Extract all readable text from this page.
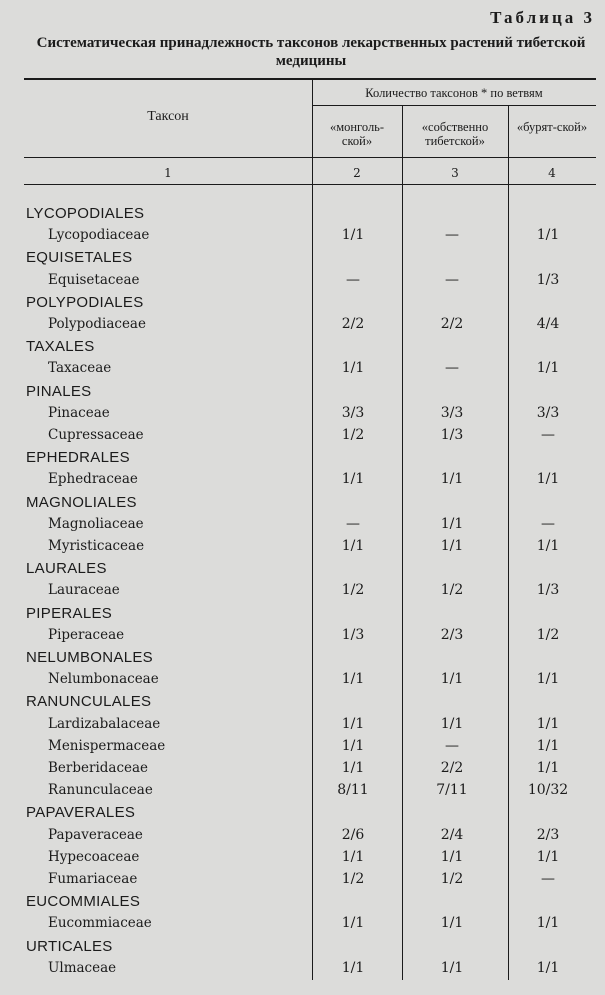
Таблица 3
Систематическая принадлежность таксонов лекарственных растений тибетской медицины
Таксон
Количество таксонов * по ветвям
«монголь-ской»
«собственно тибетской»
«бурят-ской»
1	2	3	4
LYCOPODIALES
Lycopodiaceae	1/1	—	1/1
EQUISETALES
Equisetaceae	—	—	1/3
POLYPODIALES
Polypodiaceae	2/2	2/2	4/4
TAXALES
Taxaceae	1/1	—	1/1
PINALES
Pinaceae	3/3	3/3	3/3
Cupressaceae	1/2	1/3	—
EPHEDRALES
Ephedraceae	1/1	1/1	1/1
MAGNOLIALES
Magnoliaceae	—	1/1	—
Myristicaceae	1/1	1/1	1/1
LAURALES
Lauraceae	1/2	1/2	1/3
PIPERALES
Piperaceae	1/3	2/3	1/2
NELUMBONALES
Nelumbonaceae	1/1	1/1	1/1
RANUNCULALES
Lardizabalaceae	1/1	1/1	1/1
Menispermaceae	1/1	—	1/1
Berberidaceae	1/1	2/2	1/1
Ranunculaceae	8/11	7/11	10/32
PAPAVERALES
Papaveraceae	2/6	2/4	2/3
Hypecoaceae	1/1	1/1	1/1
Fumariaceae	1/2	1/2	—
EUCOMMIALES
Eucommiaceae	1/1	1/1	1/1
URTICALES
Ulmaceae	1/1	1/1	1/1
